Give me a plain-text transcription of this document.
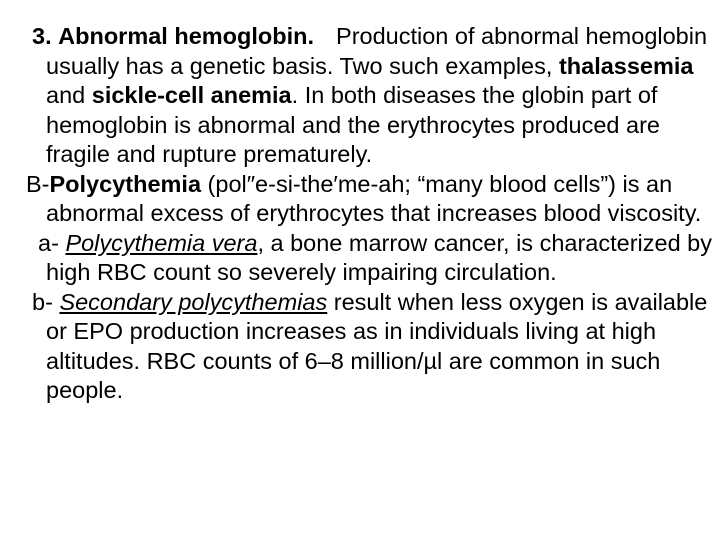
3. Abnormal hemoglobin. Production of abnormal hemoglobin usually has a genetic basis. Two such examples, thalassemia and sickle-cell anemia. In both diseases the globin part of hemoglobin is abnormal and the erythrocytes produced are fragile and rupture prematurely.

B-Polycythemia (pol″e-si-the′me-ah; “many blood cells”) is an abnormal excess of erythrocytes that increases blood viscosity.

a- Polycythemia vera, a bone marrow cancer, is characterized by high RBC count so severely impairing circulation.

b- Secondary polycythemias result when less oxygen is available or EPO production increases as in individuals living at high altitudes. RBC counts of 6–8 million/µl are common in such people.
